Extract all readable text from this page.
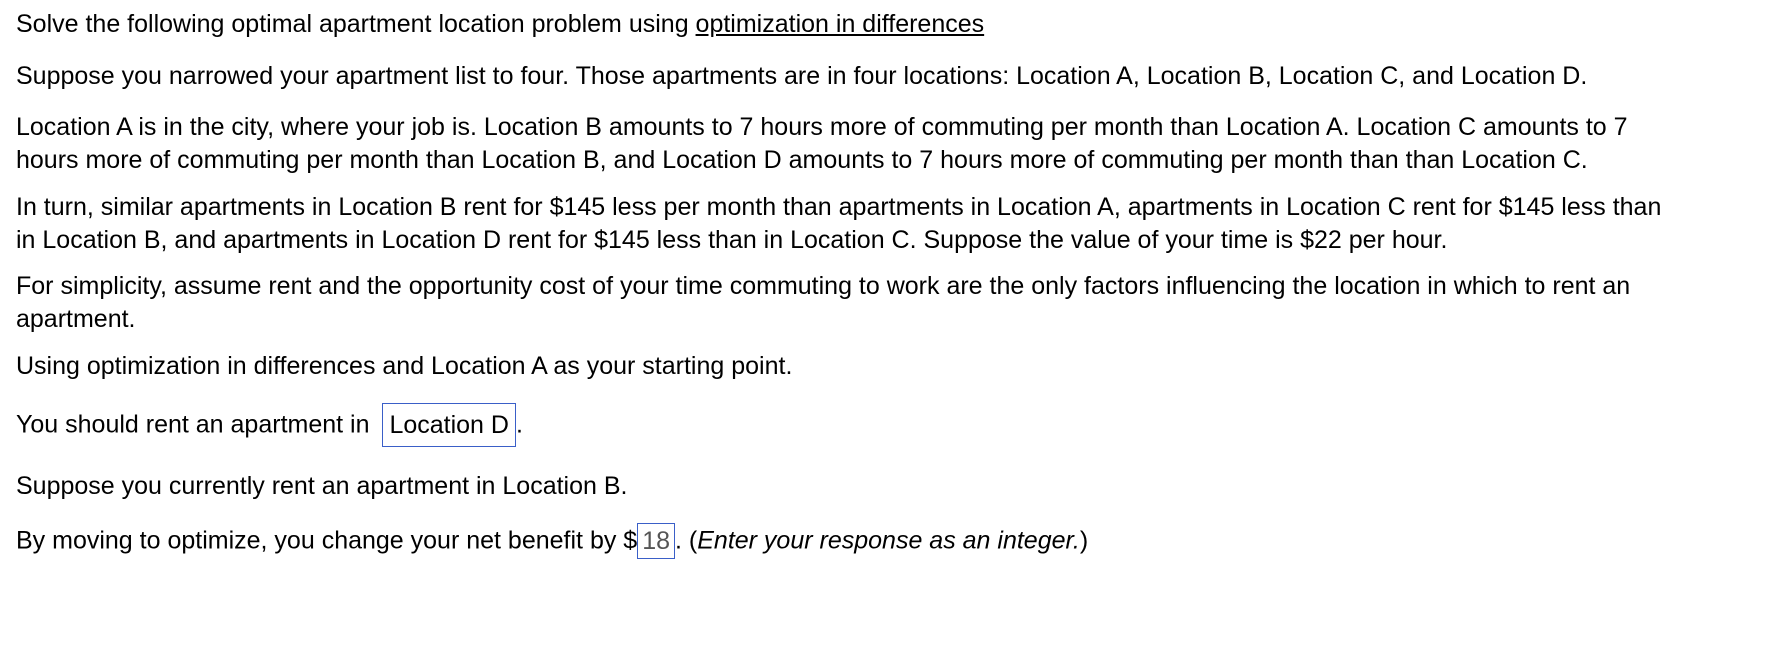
Solve the following optimal apartment location problem using optimization in differences
Suppose you narrowed your apartment list to four. Those apartments are in four locations: Location A, Location B, Location C, and Location D.
Location A is in the city, where your job is. Location B amounts to 7 hours more of commuting per month than Location A. Location C amounts to 7
hours more of commuting per month than Location B, and Location D amounts to 7 hours more of commuting per month than than Location C.
In turn, similar apartments in Location B rent for $145 less per month than apartments in Location A, apartments in Location C rent for $145 less than
in Location B, and apartments in Location D rent for $145 less than in Location C. Suppose the value of your time is $22 per hour.
For simplicity, assume rent and the opportunity cost of your time commuting to work are the only factors influencing the location in which to rent an
apartment.
Using optimization in differences and Location A as your starting point.
You should rent an apartment in Location D .
Suppose you currently rent an apartment in Location B.
By moving to optimize, you change your net benefit by $ 18 . (Enter your response as an integer.)
